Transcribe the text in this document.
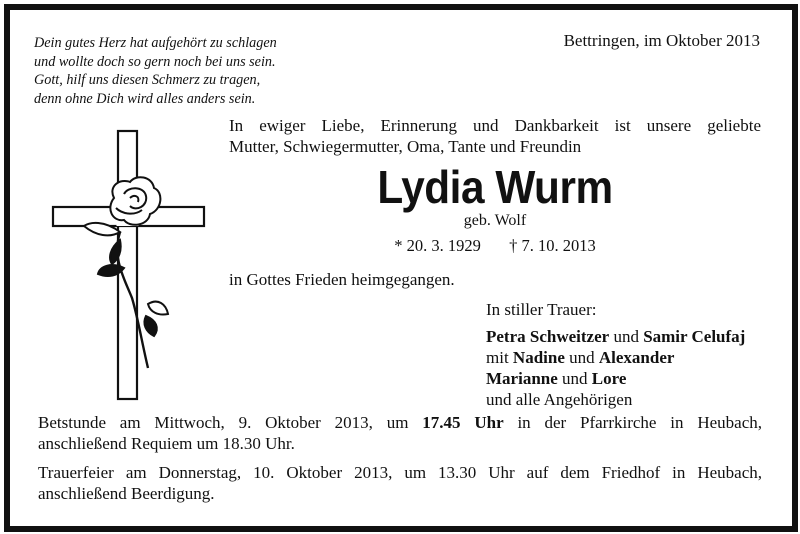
Dein gutes Herz hat aufgehört zu schlagen
und wolltе doch so gern noch bei uns sein.
Gott, hilf uns diesen Schmerz zu tragen,
denn ohne Dich wird alles anders sein.
Bettringen, im Oktober 2013
In ewiger Liebe, Erinnerung und Dankbarkeit ist unsere geliebte
Mutter, Schwiegermutter, Oma, Tante und Freundin
Lydia Wurm
geb. Wolf
* 20. 3. 1929 † 7. 10. 2013
in Gottes Frieden heimgegangen.
In stiller Trauer:
Petra Schweitzer und Samir Celufaj
mit Nadine und Alexander
Marianne und Lore
und alle Angehörigen
Betstunde am Mittwoch, 9. Oktober 2013, um 17.45 Uhr in der Pfarrkirche in Heubach,
anschließend Requiem um 18.30 Uhr.
Trauerfeier am Donnerstag, 10. Oktober 2013, um 13.30 Uhr auf dem Friedhof in Heubach,
anschließend Beerdigung.
